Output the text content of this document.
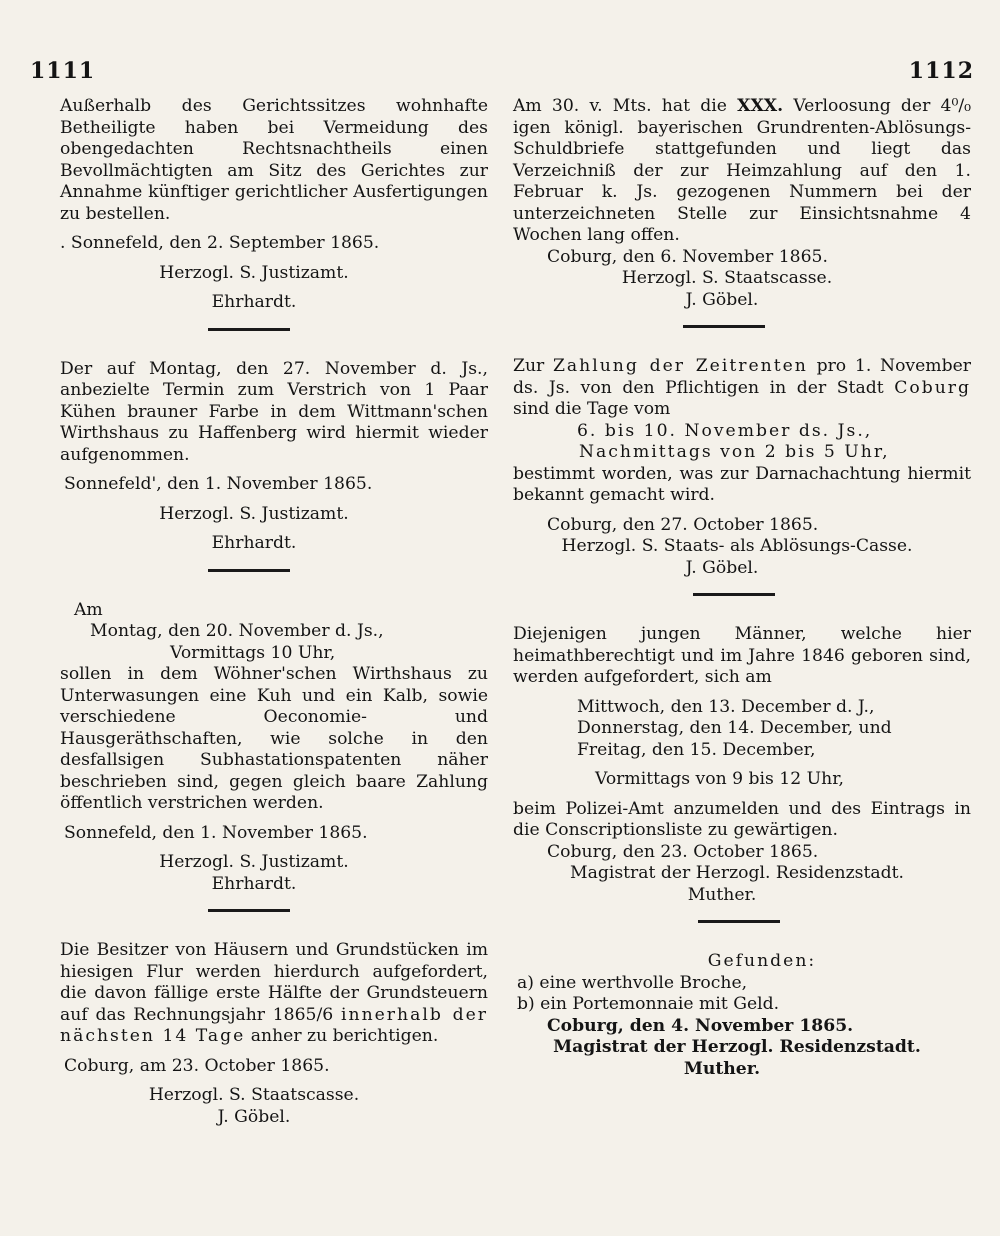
1111	1112

Außerhalb des Gerichtssitzes wohnhafte Betheiligte haben bei Vermeidung des obengedachten Rechtsnachtheils einen Bevollmächtigten am Sitz des Gerichtes zur Annahme künftiger gerichtlicher Ausfertigungen zu bestellen.

. Sonnefeld, den 2. September 1865.

Herzogl. S. Justizamt.

Ehrhardt.

Der auf Montag, den 27. November d. Js., anbezielte Termin zum Verstrich von 1 Paar Kühen brauner Farbe in dem Wittmann'schen Wirthshaus zu Haffenberg wird hiermit wieder aufgenommen.

Sonnefeld', den 1. November 1865.

Herzogl. S. Justizamt.

Ehrhardt.

Am

Montag, den 20. November d. Js.,

Vormittags 10 Uhr,

sollen in dem Wöhner'schen Wirthshaus zu Unterwasungen eine Kuh und ein Kalb, sowie verschiedene Oeconomie- und Hausgeräthschaften, wie solche in den desfallsigen Subhastationspatenten näher beschrieben sind, gegen gleich baare Zahlung öffentlich verstrichen werden.

Sonnefeld, den 1. November 1865.

Herzogl. S. Justizamt.

Ehrhardt.

Die Besitzer von Häusern und Grundstücken im hiesigen Flur werden hierdurch aufgefordert, die davon fällige erste Hälfte der Grundsteuern auf das Rechnungsjahr 1865/6 innerhalb der nächsten 14 Tage anher zu berichtigen.

Coburg, am 23. October 1865.

Herzogl. S. Staatscasse.

J. Göbel.

Am 30. v. Mts. hat die XXX. Verloosung der 4⁰/₀ igen königl. bayerischen Grundrenten-Ablösungs-Schuldbriefe stattgefunden und liegt das Verzeichniß der zur Heimzahlung auf den 1. Februar k. Js. gezogenen Nummern bei der unterzeichneten Stelle zur Einsichtsnahme 4 Wochen lang offen.

Coburg, den 6. November 1865.

Herzogl. S. Staatscasse.

J. Göbel.

Zur Zahlung der Zeitrenten pro 1. November ds. Js. von den Pflichtigen in der Stadt Coburg sind die Tage vom

6. bis 10. November ds. Js.,

Nachmittags von 2 bis 5 Uhr,

bestimmt worden, was zur Darnachachtung hiermit bekannt gemacht wird.

Coburg, den 27. October 1865.

Herzogl. S. Staats- als Ablösungs-Casse.

J. Göbel.

Diejenigen jungen Männer, welche hier heimathberechtigt und im Jahre 1846 geboren sind, werden aufgefordert, sich am

Mittwoch, den 13. December d. J.,

Donnerstag, den 14. December, und

Freitag, den 15. December,

Vormittags von 9 bis 12 Uhr,

beim Polizei-Amt anzumelden und des Eintrags in die Conscriptionsliste zu gewärtigen.

Coburg, den 23. October 1865.

Magistrat der Herzogl. Residenzstadt.

Muther.

Gefunden:

a) eine werthvolle Broche,

b) ein Portemonnaie mit Geld.

Coburg, den 4. November 1865.

Magistrat der Herzogl. Residenzstadt.

Muther.
